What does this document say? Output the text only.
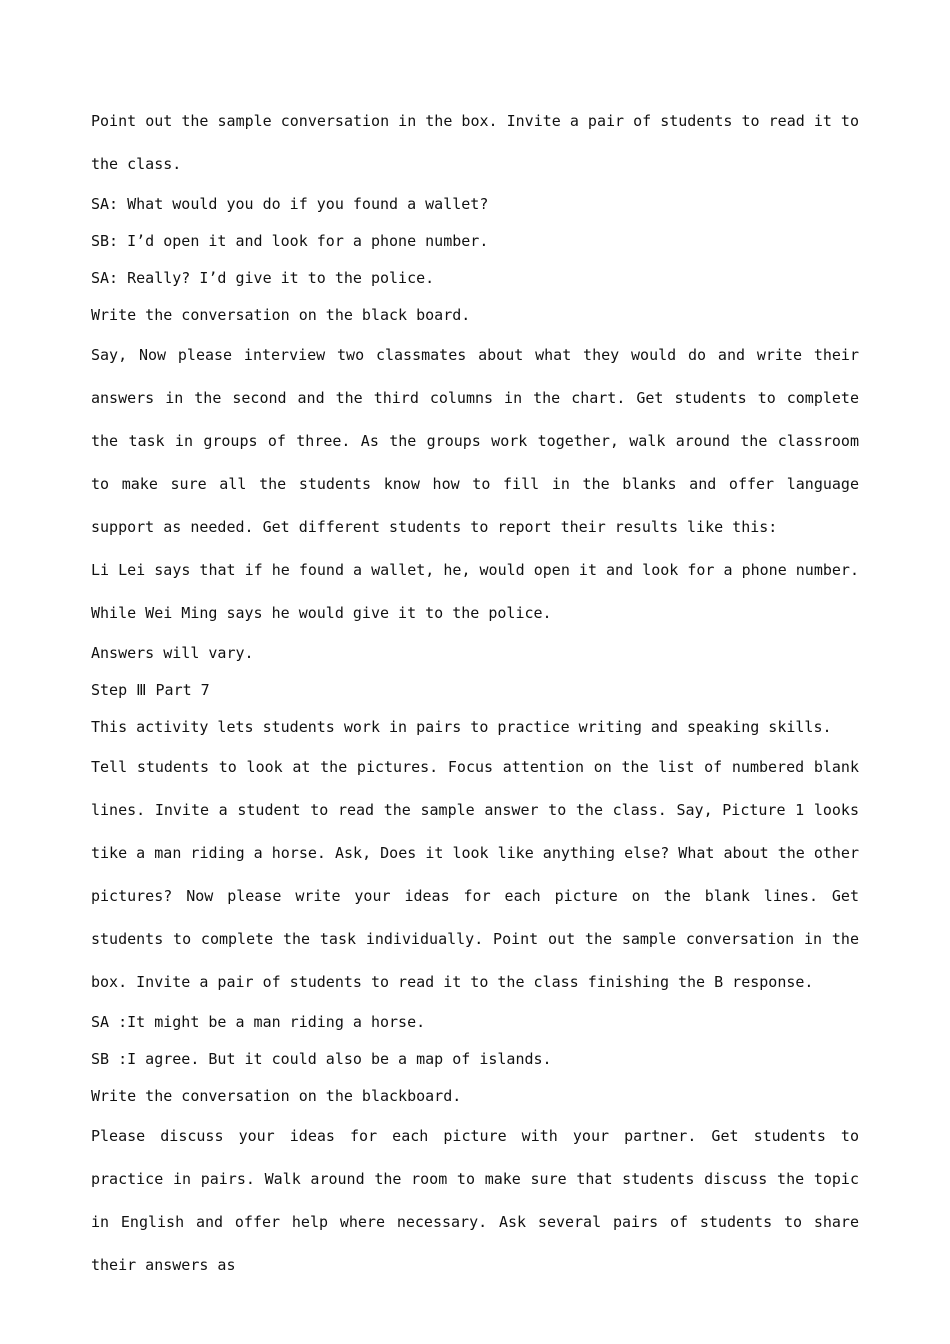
Point out the sample conversation in the box. Invite a pair of students to read it to the class.

SA: What would you do if you found a wallet?

SB: I’d open it and look for a phone number.

SA: Really? I’d give it to the police.

Write the conversation on the black board.

Say, Now please interview two classmates about what they would do and write their answers in the second and the third columns in the chart. Get students to complete the task in groups of three. As the groups work together, walk around the classroom to make sure all the students know how to fill in the blanks and offer language support as needed. Get different students to report their results like this:

Li Lei says that if he found a wallet, he, would open it and look for a phone number. While Wei Ming says he would give it to the police.

Answers will vary.

Step Ⅲ Part 7

This activity lets students work in pairs to practice writing and speaking skills.

Tell students to look at the pictures. Focus attention on the list of numbered blank lines. Invite a student to read the sample answer to the class. Say, Picture 1 looks tike a man riding a horse. Ask, Does it look like anything else? What about the other pictures? Now please write your ideas for each picture on the blank lines. Get students to complete the task individually. Point out the sample conversation in the box. Invite a pair of students to read it to the class finishing the B response.

SA :It might be a man riding a horse.

SB :I agree. But it could also be a map of islands.

Write the conversation on the blackboard.

Please discuss your ideas for each picture with your partner. Get students to practice in pairs. Walk around the room to make sure that students discuss the topic in English and offer help where necessary. Ask several pairs of students to share their answers as
